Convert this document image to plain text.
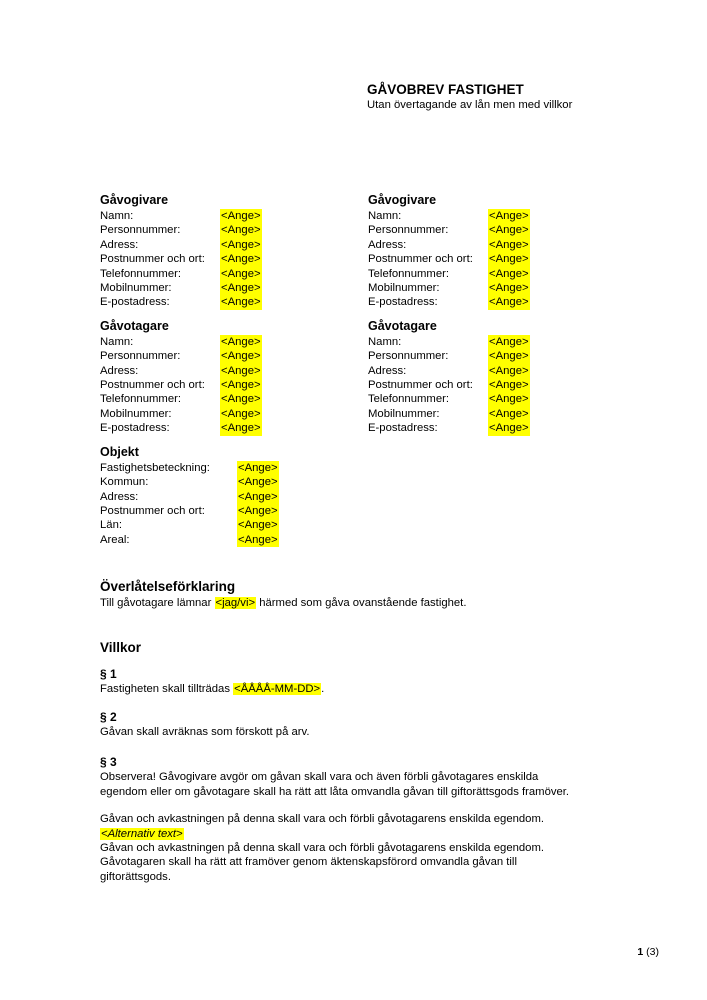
GÅVOBREV FASTIGHET
Utan övertagande av lån men med villkor
Gåvogivare
Namn:	<Ange>
Personnummer:	<Ange>
Adress:	<Ange>
Postnummer och ort:	<Ange>
Telefonnummer:	<Ange>
Mobilnummer:	<Ange>
E-postadress:	<Ange>
Gåvogivare
Namn:	<Ange>
Personnummer:	<Ange>
Adress:	<Ange>
Postnummer och ort:	<Ange>
Telefonnummer:	<Ange>
Mobilnummer:	<Ange>
E-postadress:	<Ange>
Gåvotagare
Namn:	<Ange>
Personnummer:	<Ange>
Adress:	<Ange>
Postnummer och ort:	<Ange>
Telefonnummer:	<Ange>
Mobilnummer:	<Ange>
E-postadress:	<Ange>
Gåvotagare
Namn:	<Ange>
Personnummer:	<Ange>
Adress:	<Ange>
Postnummer och ort:	<Ange>
Telefonnummer:	<Ange>
Mobilnummer:	<Ange>
E-postadress:	<Ange>
Objekt
Fastighetsbeteckning:	<Ange>
Kommun:	<Ange>
Adress:	<Ange>
Postnummer och ort:	<Ange>
Län:	<Ange>
Areal:	<Ange>
Överlåtelseförklaring
Till gåvotagare lämnar <jag/vi> härmed som gåva ovanstående fastighet.
Villkor
§ 1
Fastigheten skall tillträdas <ÅÅÅÅ-MM-DD>.
§ 2
Gåvan skall avräknas som förskott på arv.
§ 3
Observera! Gåvogivare avgör om gåvan skall vara och även förbli gåvotagares enskilda
egendom eller om gåvotagare skall ha rätt att låta omvandla gåvan till giftorättsgods framöver.
Gåvan och avkastningen på denna skall vara och förbli gåvotagarens enskilda egendom.
<Alternativ text>
Gåvan och avkastningen på denna skall vara och förbli gåvotagarens enskilda egendom.
Gåvotagaren skall ha rätt att framöver genom äktenskapsförord omvandla gåvan till
giftorättsgods.
1 (3)
